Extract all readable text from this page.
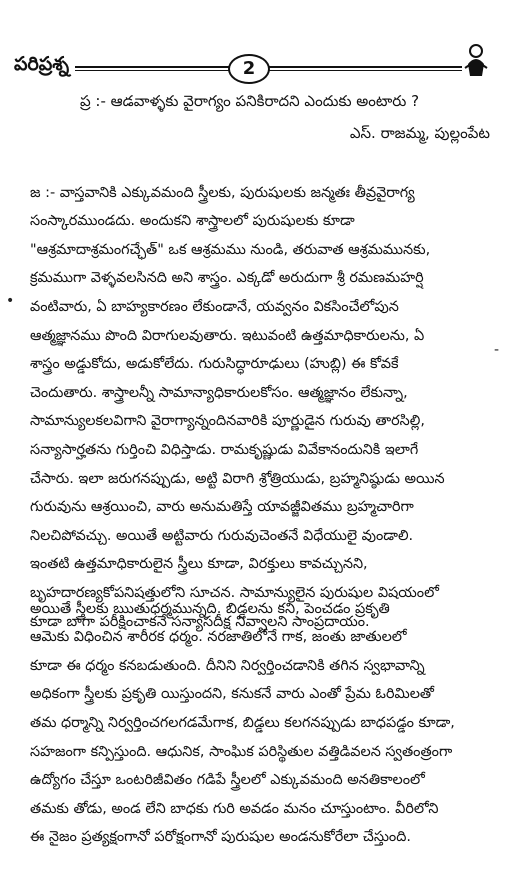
పరిప్రశ్న	2
ప్ర :- ఆడవాళ్ళకు వైరాగ్యం పనికిరాదని ఎందుకు అంటారు ?
ఎస్. రాజమ్మ, పుల్లంపేట

జ :- వాస్తవానికి ఎక్కువమంది స్త్రీలకు, పురుషులకు జన్మతః తీవ్రవైరాగ్య
సంస్కారముండదు. అందుకని శాస్త్రాలలో పురుషులకు కూడా
"ఆశ్రమాదాశ్రమంగచ్ఛేత్" ఒక ఆశ్రమము నుండి, తరువాత ఆశ్రమమునకు,
క్రమముగా వెళ్ళవలసినది అని శాస్త్రం. ఎక్కడో అరుదుగా శ్రీ రమణమహర్షి
వంటివారు, ఏ బాహ్యకారణం లేకుండానే, యవ్వనం వికసించేలోపున
ఆత్మజ్ఞానము పొంది విరాగులవుతారు. ఇటువంటి ఉత్తమాధికారులను, ఏ
శాస్త్రం అడ్డుకోదు, అడుకోలేదు. గురుసిద్ధారూఢులు (హుబ్లి) ఈ కోవకే
చెందుతారు. శాస్త్రాలన్నీ సామాన్యాధికారులకోసం. ఆత్మజ్ఞానం లేకున్నా,
సామాన్యులకలవిగాని వైరాగ్యాన్నందినవారికి పూర్ణుడైన గురువు తారసిల్లి,
సన్యాసార్హతను గుర్తించి విధిస్తాడు. రామకృష్ణుడు వివేకానందునికి ఇలాగే
చేసారు. ఇలా జరుగనప్పుడు, అట్టి విరాగి శ్రోత్రియుడు, బ్రహ్మనిష్ఠుడు అయిన
గురువును ఆశ్రయించి, వారు అనుమతిస్తే యావజ్జీవితము బ్రహ్మచారిగా
నిలచిపోవచ్చు. అయితే అట్టివారు గురువుచెంతనే విధేయులై వుండాలి.
ఇంతటి ఉత్తమాధికారులైన స్త్రీలు కూడా, విరక్తులు కావచ్చునని,
బృహదారణ్యకోపనిషత్తులోని సూచన. సామాన్యులైన పురుషుల విషయంలో
కూడా బాగా పరీక్షించాకనే సన్యాసదీక్ష నివ్వాలని సాంప్రదాయం.

అయితే స్త్రీలకు ఋతుధర్మమున్నది. బిడ్డలను కని, పెంచడం ప్రకృతి
ఆమెకు విధించిన శారీరక ధర్మం. నరజాతిలోనే గాక, జంతు జాతులలో
కూడా ఈ ధర్మం కనబడుతుంది. దీనిని నిర్వర్తించడానికి తగిన స్వభావాన్ని
అధికంగా స్త్రీలకు ప్రకృతి యిస్తుందని, కనుకనే వారు ఎంతో ప్రేమ ఓరిమిలతో
తమ ధర్మాన్ని నిర్వర్తించగలగడమేగాక, బిడ్డలు కలగనప్పుడు బాధపడ్డం కూడా,
సహజంగా కన్పిస్తుంది. ఆధునిక, సాంఘిక పరిస్థితుల వత్తిడివలన స్వతంత్రంగా
ఉద్యోగం చేస్తూ ఒంటరిజీవితం గడిపే స్త్రీలలో ఎక్కువమంది అనతికాలంలో
తమకు తోడు, అండ లేని బాధకు గురి అవడం మనం చూస్తుంటాం. వీరిలోని
ఈ నైజం ప్రత్యక్షంగానో పరోక్షంగానో పురుషుల అండనుకోరేలా చేస్తుంది.

•
-
